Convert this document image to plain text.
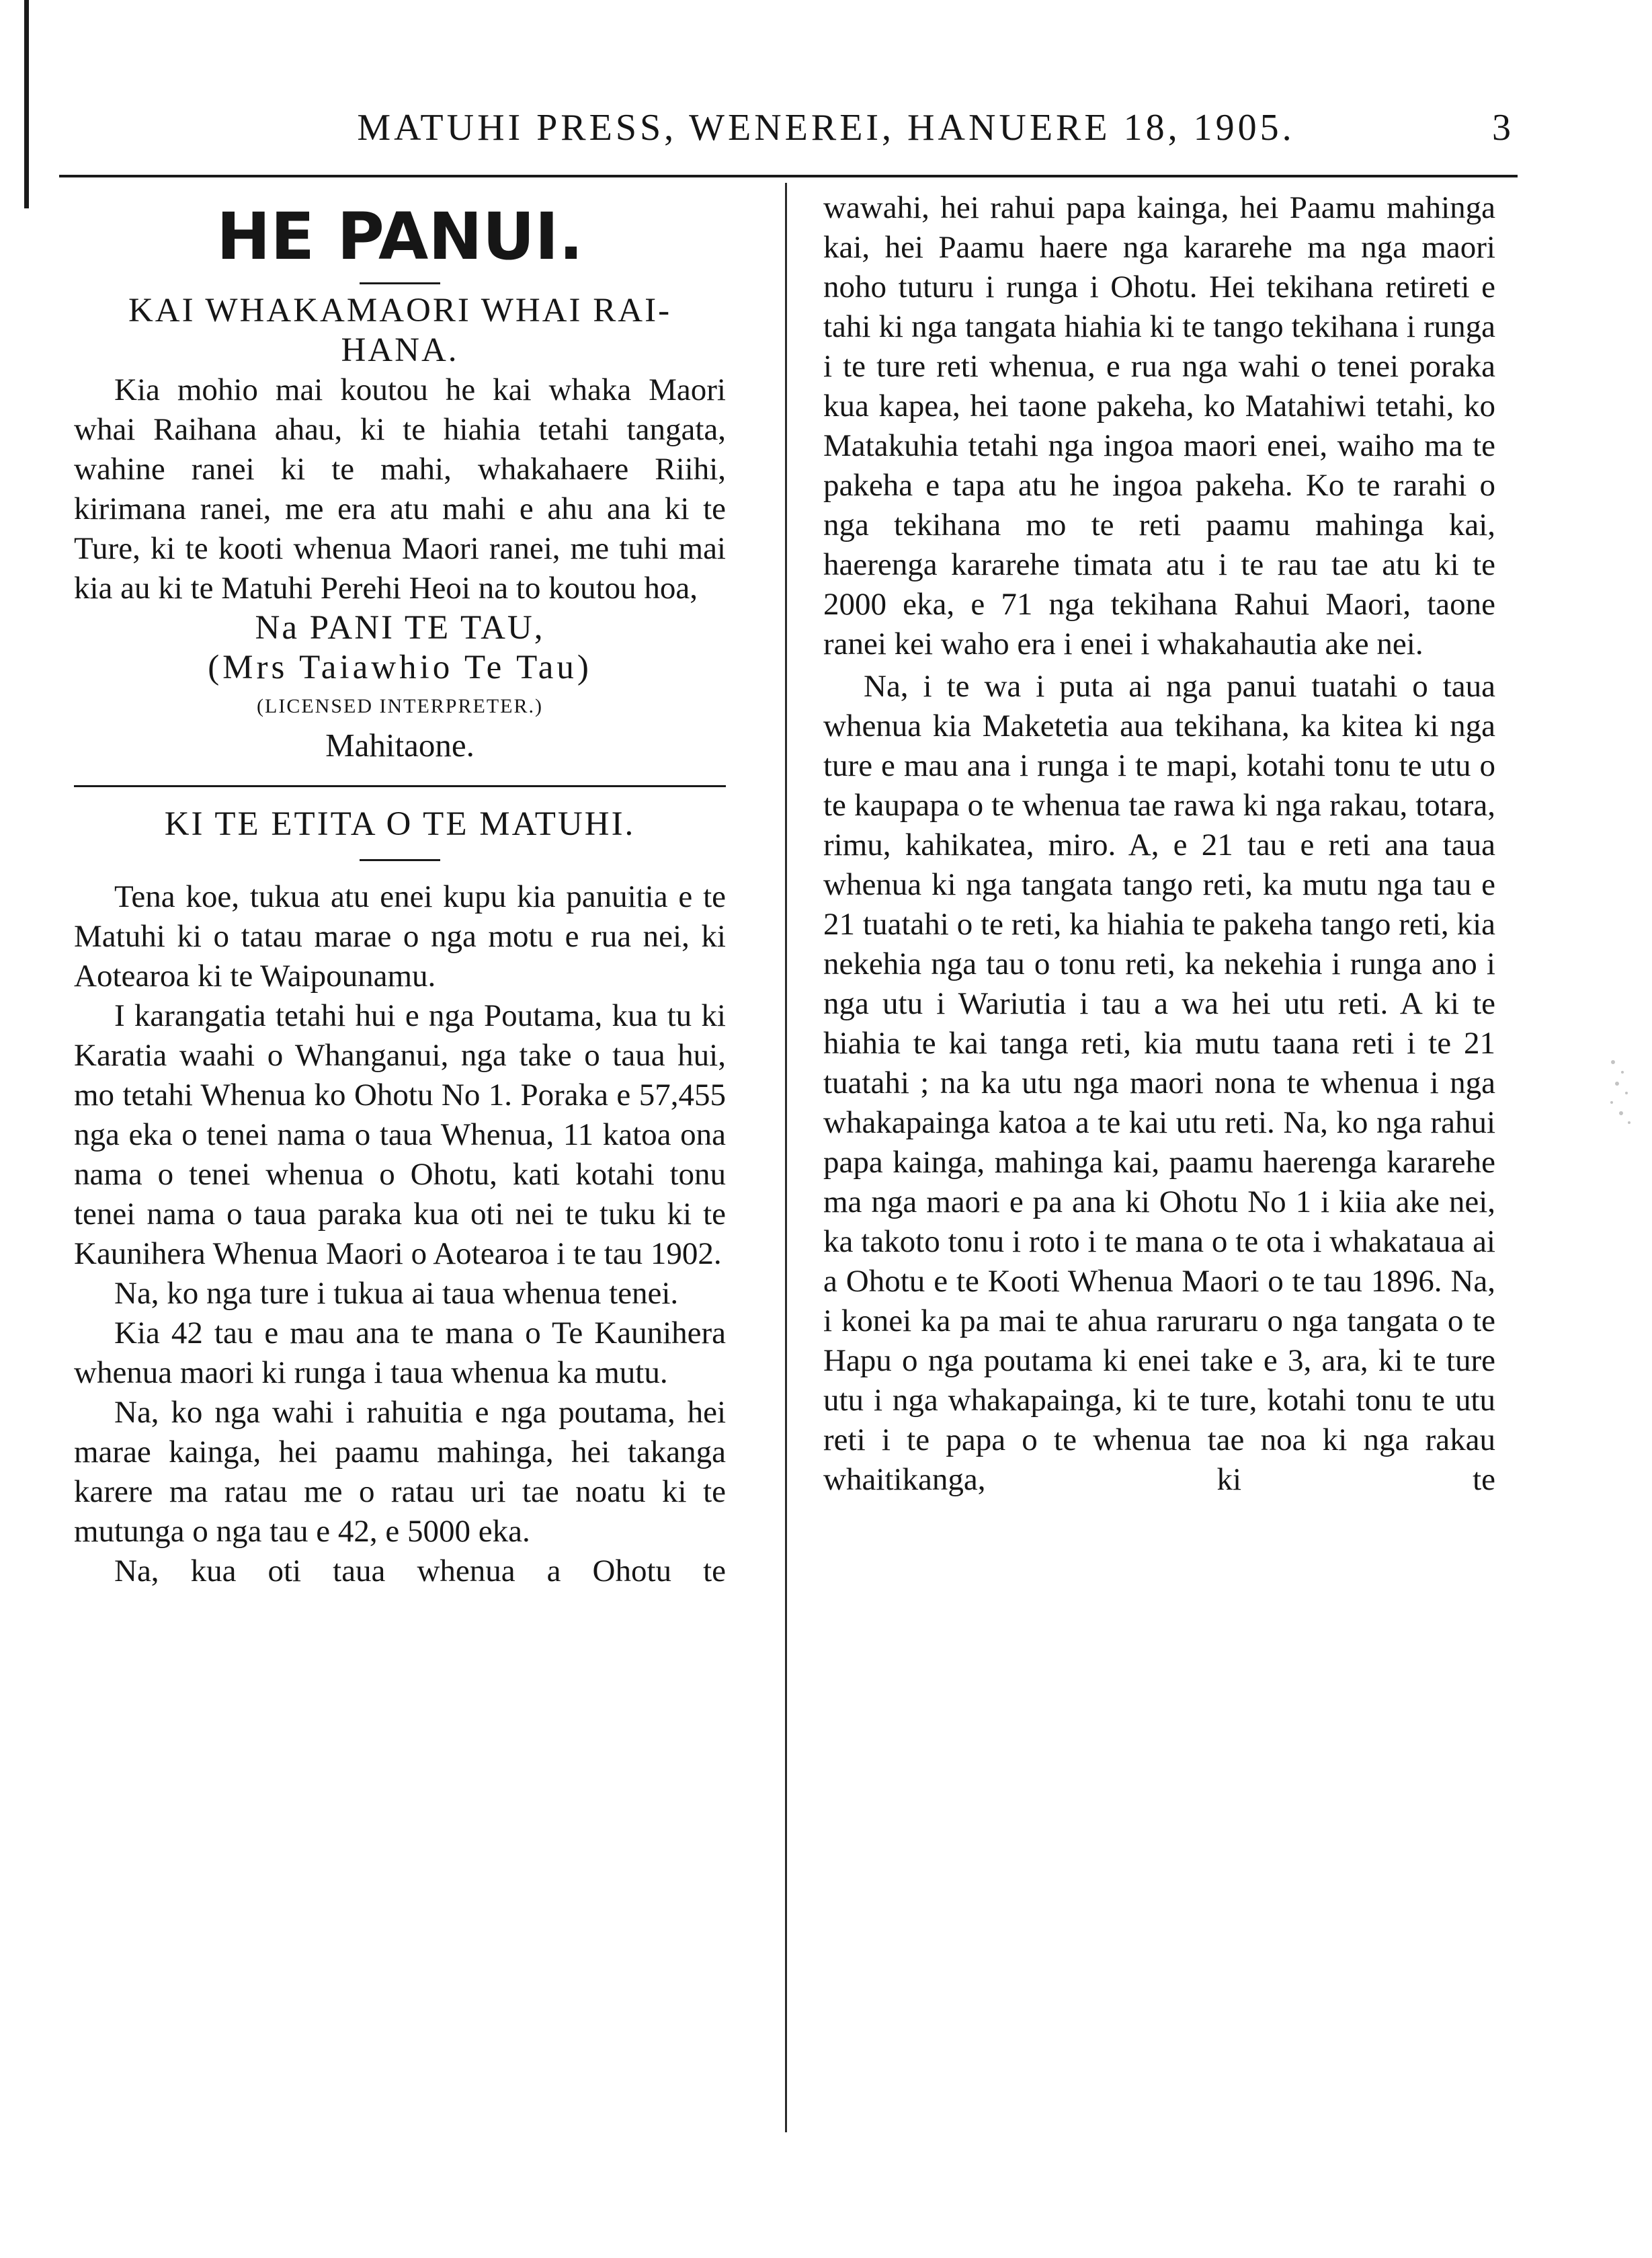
MATUHI PRESS, WENEREI, HANUERE 18, 1905.	3
HE PANUI.
KAI WHAKAMAORI WHAI RAI-HANA.

Kia mohio mai koutou he kai whaka Maori whai Raihana ahau, ki te hiahia tetahi tangata, wahine ranei ki te mahi, whakahaere Riihi, kirimana ranei, me era atu mahi e ahu ana ki te Ture, ki te kooti whenua Maori ranei, me tuhi mai kia au ki te Matuhi Perehi Heoi na to koutou hoa,

Na PANI TE TAU,

(Mrs Taiawhio Te Tau)

(LICENSED INTERPRETER.)

Mahitaone.

KI TE ETITA O TE MATUHI.

Tena koe, tukua atu enei kupu kia panuitia e te Matuhi ki o tatau marae o nga motu e rua nei, ki Aotearoa ki te Waipounamu.

I karangatia tetahi hui e nga Poutama, kua tu ki Karatia waahi o Whanganui, nga take o taua hui, mo tetahi Whenua ko Ohotu No 1. Poraka e 57,455 nga eka o tenei nama o taua Whenua, 11 katoa ona nama o tenei whenua o Ohotu, kati kotahi tonu tenei nama o taua paraka kua oti nei te tuku ki te Kaunihera Whenua Maori o Aotearoa i te tau 1902.

Na, ko nga ture i tukua ai taua whenua tenei.

Kia 42 tau e mau ana te mana o Te Kaunihera whenua maori ki runga i taua whenua ka mutu.

Na, ko nga wahi i rahuitia e nga poutama, hei marae kainga, hei paamu mahinga, hei takanga karere ma ratau me o ratau uri tae noatu ki te mutunga o nga tau e 42, e 5000 eka.

Na, kua oti taua whenua a Ohotu te

wawahi, hei rahui papa kainga, hei Paamu mahinga kai, hei Paamu haere nga kararehe ma nga maori noho tuturu i runga i Ohotu. Hei tekihana retireti e tahi ki nga tangata hiahia ki te tango tekihana i runga i te ture reti whenua, e rua nga wahi o tenei poraka kua kapea, hei taone pakeha, ko Matahiwi tetahi, ko Matakuhia tetahi nga ingoa maori enei, waiho ma te pakeha e tapa atu he ingoa pakeha. Ko te rarahi o nga tekihana mo te reti paamu mahinga kai, haerenga kararehe timata atu i te rau tae atu ki te 2000 eka, e 71 nga tekihana Rahui Maori, taone ranei kei waho era i enei i whakahautia ake nei.

Na, i te wa i puta ai nga panui tuatahi o taua whenua kia Maketetia aua tekihana, ka kitea ki nga ture e mau ana i runga i te mapi, kotahi tonu te utu o te kaupapa o te whenua tae rawa ki nga rakau, totara, rimu, kahikatea, miro. A, e 21 tau e reti ana taua whenua ki nga tangata tango reti, ka mutu nga tau e 21 tuatahi o te reti, ka hiahia te pakeha tango reti, kia nekehia nga tau o tonu reti, ka nekehia i runga ano i nga utu i Wariutia i tau a wa hei utu reti. A ki te hiahia te kai tanga reti, kia mutu taana reti i te 21 tuatahi ; na ka utu nga maori nona te whenua i nga whakapainga katoa a te kai utu reti. Na, ko nga rahui papa kainga, mahinga kai, paamu haerenga kararehe ma nga maori e pa ana ki Ohotu No 1 i kiia ake nei, ka takoto tonu i roto i te mana o te ota i whakataua ai a Ohotu e te Kooti Whenua Maori o te tau 1896. Na, i konei ka pa mai te ahua raruraru o nga tangata o te Hapu o nga poutama ki enei take e 3, ara, ki te ture utu i nga whakapainga, ki te ture, kotahi tonu te utu reti i te papa o te whenua tae noa ki nga rakau whaitikanga, ki te
